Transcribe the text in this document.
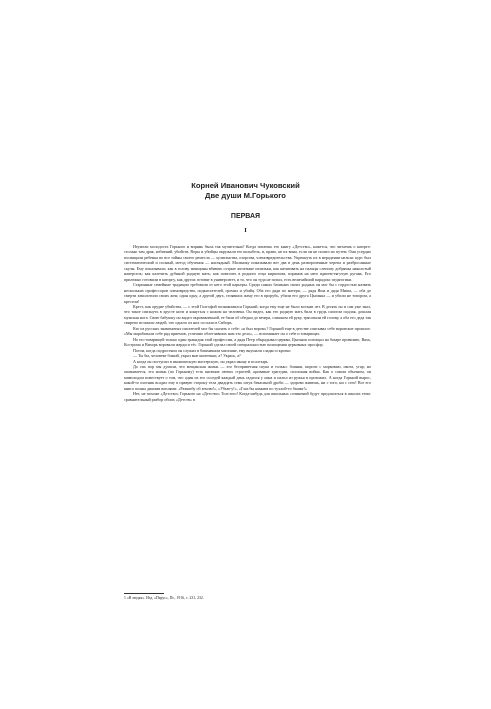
Корней Иванович Чуковский
Две души М.Горького
ПЕРВАЯ
I

Неужели молодость Горького и впрямь была так мучительна? Когда читаешь его книгу «Детство», кажется, что читаешь о каторге: столько там драк, избиений, убийств. Воры и убийцы окружали его колыбель, и, право, не их вина, если он не пошел их путем. Они усердно посвящали ребенка во все тайны своего ремесла — хулиганства, озорства, членовредительства. Упрекнуть их в нерадении нельзя: курс был систематический и полный, метод обучения — наглядный. Мальчику показывали вот два в день развороченные черепа и разбросанные скулы. Ему показывали, как в голову женщины вбивать острые железные шпильки, как натягивать на пальцы слепому добрячка наколотый наперсток; как калечить дубиной родную мать; как повесить в родного отца кирпичом, поранив на него вдвоем-тягучую ругань. Его прилежно готовили в каторгу, как других готовят в университет, и то, что он туда не попал, есть величайший парадокс педагогики.

Старинные семейные традиции требовали от него этой карьеры. Среди самых ближних своих родных он мог бы с гордостью назвать нескольких профессоров членовредства, подкистателей, громил и убийц. Оба его дяди по матери, — дядя Яша и дядя Миша, — оба до смерти замолотили своих жен; один одну, а другой двух, стоявших жену его в прорубь, убили его друга Цыганка — и убили не топором, а крестом!

Крест, как орудие убийства, — с этой Голгофой познакомился Горький, когда ему еще не было восьми лет. В десять он и сам уже знал, что такое спихнуть в хрусте ноги и кинуться с ножом на человека. Он видел, как его родную мать била в грудь сапогом подлая, дошлая мужская нога. Свою бабушку он видел окровавленной, ее били об обедни до вечера, слишком ей руку, трясовали ей голову, а оба его деда так свирепо истязали людей, что одного из них сослали в Сибирь.

Кто из русских знаменитых писателей мог бы сказать о себе: «я был вором»? Горький еще в детстве списывал себе воровское прошлое. «Мы марабатыли себе ряд приемов, успешно облегчавших нам это дело», — вспоминает он о себе и товарищах.

Но его товарищей только один тракидия этой профессии, а дядя Петр обкрадывал церкви, Цыганок похищал на базаре провизию, Вяхь, Кострома и Вихорь воровали жерди и тёс. Горький сделал своей специальностью похищения церковных просфор.

Потом, когда подростком он служил в башмачном магазине, ему внушали сладко и кротко:

— Ты бы, человеке божий, украл мне копеешки, а? Укрась, а?

А когда он поступил в иконописную мастерскую, он украл икону и псалтырь.

До сих пор мы думали, что мещанская жизнь — это бесприветная скука и только: блинки, пироги с морковью, икота, угар; но оказывается, эта жизнь (по Горькому) есть кипение лютых страстей, кровавые трагедии, сплошная война. Как о самом обычном, он мимоходом повествует о том, что один из его соседей каждый день садился у окна и палил из ружья в прохожих. А когда Горький вырос, какой-то охотник всадил ему в правую сторону тела двадцать семь штук бекасиной дроби — здорово живешь, ни с того, ни с сего! Все его книга полны дикими воплями: «Разшибу об землю!», «Убью-у!», «Глаз бы камнем по тухлой-то башке!»

Нет, не похоже «Детство» Горького на «Детство» Толстого! Когда-нибудь для школьных сочинений будут предлагаться в школах тема: сравнительный разбор обоих «Детств» в

1 «В людях». Изд. «Парус», Пг., 1916, с. 231, 232.
